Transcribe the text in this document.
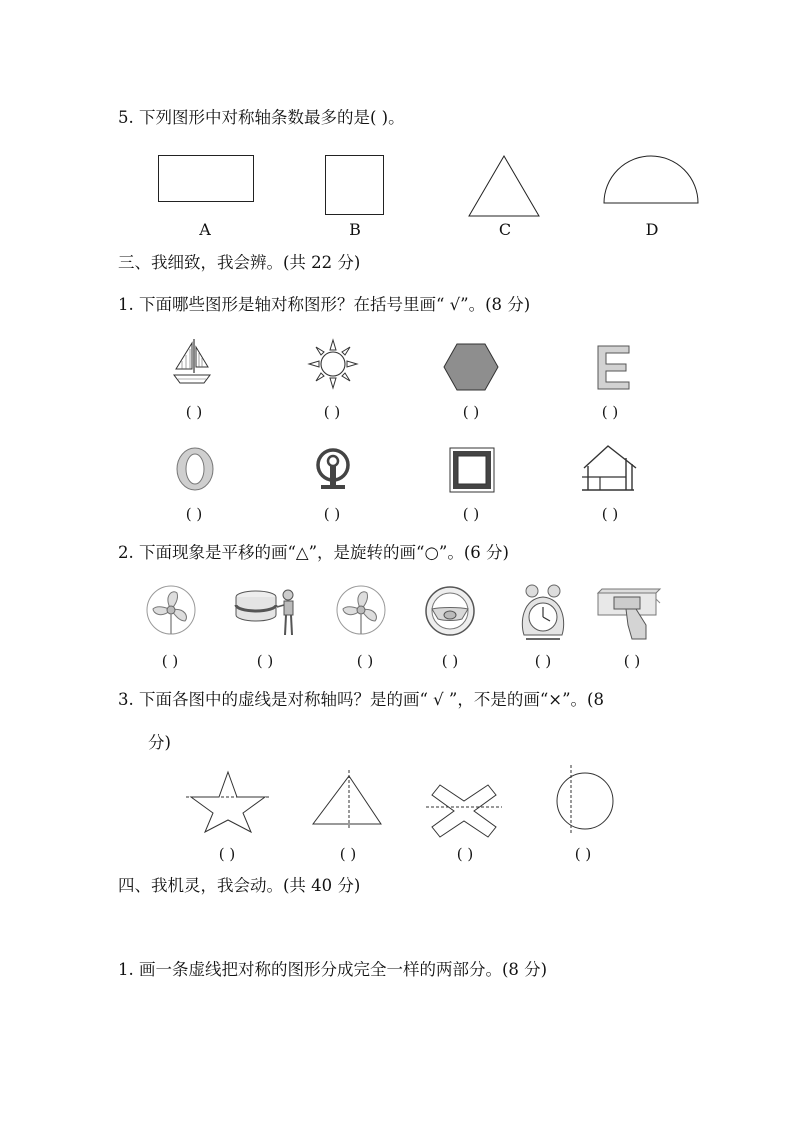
5. 下列图形中对称轴条数最多的是( )。
A	B	C	D
三、我细致，我会辨。(共 22 分)
1. 下面哪些图形是轴对称图形？在括号里画“ √”。(8 分)
( )	( )	( )	( )
( )	( )	( )	( )
2. 下面现象是平移的画“△”，是旋转的画“○”。(6 分)
( )	( )	( )	( )	( )	( )
3. 下面各图中的虚线是对称轴吗？是的画“ √ ”，不是的画“×”。(8
分)
( )	( )	( )	( )
四、我机灵，我会动。(共 40 分)
1. 画一条虚线把对称的图形分成完全一样的两部分。(8 分)
